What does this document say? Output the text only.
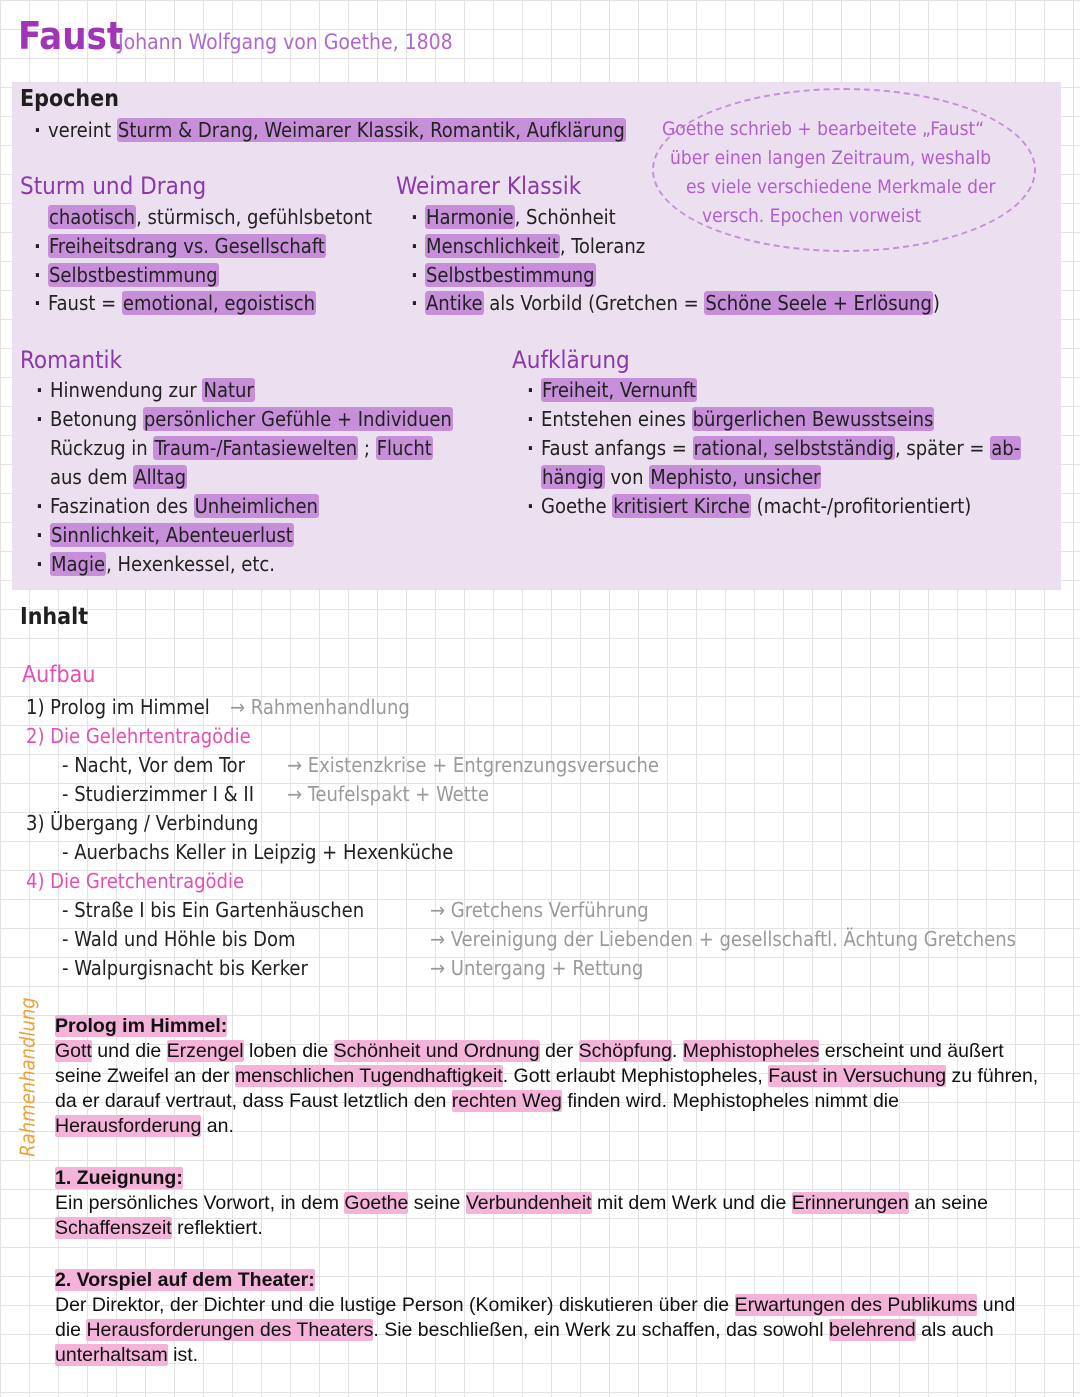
Faust
Johann Wolfgang von Goethe, 1808
Epochen
· vereint Sturm & Drang, Weimarer Klassik, Romantik, Aufklärung Goethe schrieb + bearbeitete „Faust“
über einen langen Zeitraum, weshalb
es viele verschiedene Merkmale der
versch. Epochen vorweist
Sturm und Drang
chaotisch, stürmisch, gefühlsbetont
· Freiheitsdrang vs. Gesellschaft
· Selbstbestimmung
· Faust = emotional, egoistisch
Weimarer Klassik
· Harmonie, Schönheit
· Menschlichkeit, Toleranz
· Selbstbestimmung
· Antike als Vorbild (Gretchen = Schöne Seele + Erlösung)
Romantik
· Hinwendung zur Natur
· Betonung persönlicher Gefühle + Individuen
Rückzug in Traum-/Fantasiewelten ; Flucht
aus dem Alltag
· Faszination des Unheimlichen
· Sinnlichkeit, Abenteuerlust
· Magie, Hexenkessel, etc.
Aufklärung
· Freiheit, Vernunft
· Entstehen eines bürgerlichen Bewusstseins
· Faust anfangs = rational, selbstständig, später = ab-
hängig von Mephisto, unsicher
· Goethe kritisiert Kirche (macht-/profitorientiert)
Inhalt
Aufbau
1) Prolog im Himmel → Rahmenhandlung
2) Die Gelehrtentragödie
- Nacht, Vor dem Tor → Existenzkrise + Entgrenzungsversuche
- Studierzimmer I & II → Teufelspakt + Wette
3) Übergang / Verbindung
- Auerbachs Keller in Leipzig + Hexenküche
4) Die Gretchentragödie
- Straße I bis Ein Gartenhäuschen	→ Gretchens Verführung
- Wald und Höhle bis Dom	→ Vereinigung der Liebenden + gesellschaftl. Ächtung Gretchens
- Walpurgisnacht bis Kerker	→ Untergang + Rettung
Rahmenhandlung Prolog im Himmel:
Gott und die Erzengel loben die Schönheit und Ordnung der Schöpfung. Mephistopheles erscheint und äußert seine Zweifel an der menschlichen Tugendhaftigkeit. Gott erlaubt Mephistopheles, Faust in Versuchung zu führen, da er darauf vertraut, dass Faust letztlich den rechten Weg finden wird. Mephistopheles nimmt die Herausforderung an.
1. Zueignung:
Ein persönliches Vorwort, in dem Goethe seine Verbundenheit mit dem Werk und die Erinnerungen an seine Schaffenszeit reflektiert.
2. Vorspiel auf dem Theater:
Der Direktor, der Dichter und die lustige Person (Komiker) diskutieren über die Erwartungen des Publikums und die Herausforderungen des Theaters. Sie beschließen, ein Werk zu schaffen, das sowohl belehrend als auch unterhaltsam ist.
